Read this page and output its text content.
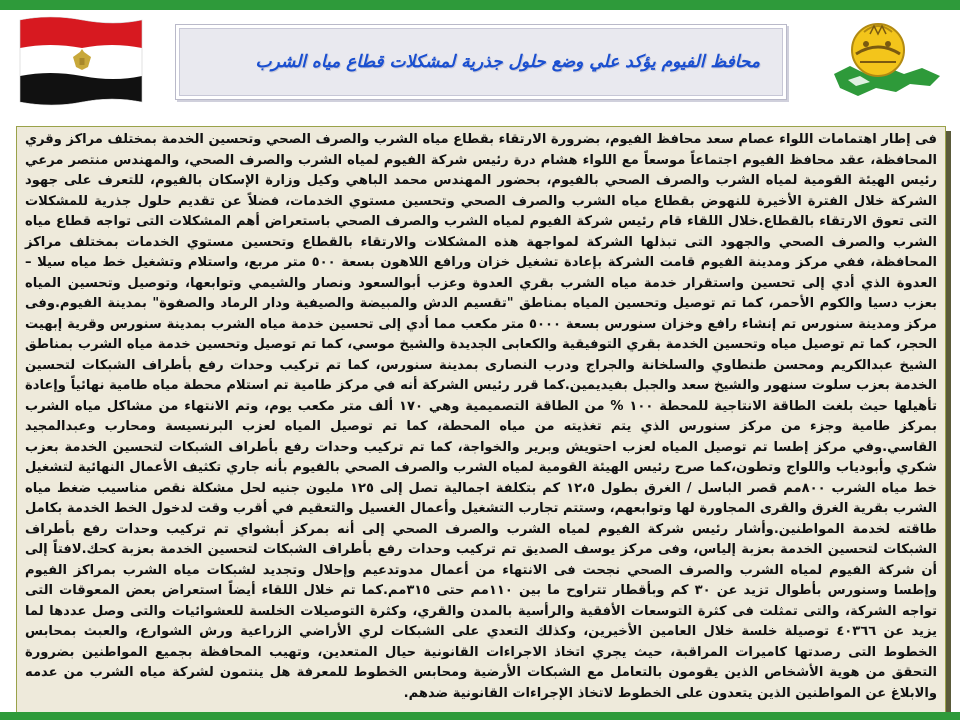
محافظ الفيوم يؤكد علي وضع حلول جذرية لمشكلات قطاع مياه الشرب

فى إطار اهتمامات اللواء عصام سعد محافظ الفيوم، بضرورة الارتقاء بقطاع مياه الشرب والصرف الصحي وتحسين الخدمة بمختلف مراكز وقري المحافظة، عقد محافظ الفيوم اجتماعاً موسعاً مع اللواء هشام درة رئيس شركة الفيوم لمياه الشرب والصرف الصحي، والمهندس منتصر مرعي رئيس الهيئة القومية لمياه الشرب والصرف الصحي بالفيوم، بحضور المهندس محمد الباهي وكيل وزارة الإسكان بالفيوم، للتعرف على جهود الشركة خلال الفترة الأخيرة للنهوض بقطاع مياه الشرب والصرف الصحي وتحسين مستوي الخدمات، فضلاً عن تقديم حلول جذرية للمشكلات التى تعوق الارتقاء بالقطاع.خلال اللقاء قام رئيس شركة الفيوم لمياه الشرب والصرف الصحي باستعراض أهم المشكلات التى تواجه قطاع مياه الشرب والصرف الصحي والجهود التى تبذلها الشركة لمواجهة هذه المشكلات والارتقاء بالقطاع وتحسين مستوي الخدمات بمختلف مراكز المحافظة، ففي مركز ومدينة الفيوم قامت الشركة بإعادة تشغيل خزان ورافع اللاهون بسعة ٥٠٠ متر مربع، واستلام وتشغيل خط مياه سيلا – العدوة الذي أدي إلى تحسين واستقرار خدمة مياه الشرب بقري العدوة وعزب أبوالسعود ونصار والشيمي وتوابعها، وتوصيل وتحسين المياه بعزب دسيا والكوم الأحمر، كما تم توصيل وتحسين المياه بمناطق "تقسيم الدش والمبيضة والصيفية ودار الرماد والصفوة" بمدينة الفيوم.وفى مركز ومدينة سنورس تم إنشاء رافع وخزان سنورس بسعة ٥٠٠٠ متر مكعب مما أدي إلى تحسين خدمة مياه الشرب بمدينة سنورس وقرية إبهيت الحجر، كما تم توصيل مياه وتحسين الخدمة بقري التوفيقية والكعابى الجديدة والشيخ موسي، كما تم توصيل وتحسين خدمة مياه الشرب بمناطق الشيخ عبدالكريم ومحسن طنطاوي والسلخانة والجراج ودرب النصارى بمدينة سنورس، كما تم تركيب وحدات رفع بأطراف الشبكات لتحسين الخدمة بعزب سلوت سنهور والشيخ سعد والجبل بفيديمين.كما قرر رئيس الشركة أنه في مركز طامية تم استلام محطة مياه طامية نهائياً وإعادة تأهيلها حيث بلغت الطاقة الانتاجية للمحطة ١٠٠ % من الطاقة التصميمية وهي ١٧٠ ألف متر مكعب يوم، وتم الانتهاء من مشاكل مياه الشرب بمركز طامية وجزء من مركز سنورس الذي يتم تغذيته من مياه المحطة، كما تم توصيل المياه لعزب البرنسيسة ومحارب وعبدالمجيد القاسي.وفي مركز إطسا تم توصيل المياه لعزب احتويش وبرير والخواجة، كما تم تركيب وحدات رفع بأطراف الشبكات لتحسين الخدمة بعزب شكري وأبودياب واللواج وتطون،كما صرح رئيس الهيئة القومية لمياه الشرب والصرف الصحي بالفيوم بأنه جاري تكثيف الأعمال النهائية لتشغيل خط مياه الشرب ٨٠٠مم قصر الباسل / الغرق بطول ١٢،٥ كم بتكلفة اجمالية تصل إلى ١٢٥ مليون جنيه لحل مشكلة نقص مناسيب ضغط مياه الشرب بقرية الغرق والقرى المجاورة لها وتوابعهم، وستتم تجارب التشغيل وأعمال الغسيل والتعقيم في أقرب وقت لدخول الخط الخدمة بكامل طاقته لخدمة المواطنين.وأشار رئيس شركة الفيوم لمياه الشرب والصرف الصحي إلى أنه بمركز أبشواي تم تركيب وحدات رفع بأطراف الشبكات لتحسين الخدمة بعزبة إلياس، وفى مركز يوسف الصديق تم تركيب وحدات رفع بأطراف الشبكات لتحسين الخدمة بعزبة كحك.لافتاً إلى أن شركة الفيوم لمياه الشرب والصرف الصحي نجحت فى الانتهاء من أعمال مدوتدعيم وإحلال وتجديد لشبكات مياه الشرب بمراكز الفيوم وإطسا وسنورس بأطوال تزيد عن ٣٠ كم وبأقطار تتراوح ما بين ١١٠مم حتى ٣١٥مم.كما تم خلال اللقاء أيضاً استعراض بعض المعوقات التى تواجه الشركة، والتى تمثلت فى كثرة التوسعات الأفقية والرأسية بالمدن والقري، وكثرة التوصيلات الخلسة للعشوائيات والتى وصل عددها لما يزيد عن ٤٠٣٦٦ توصيلة خلسة خلال العامين الأخيرين، وكذلك التعدي على الشبكات لري الأراضي الزراعية ورش الشوارع، والعبث بمحابس الخطوط التى رصدتها كاميرات المراقبة، حيث يجري اتخاذ الاجراءات القانونية حيال المتعدين، وتهيب المحافظة بجميع المواطنين بضرورة التحقق من هوية الأشخاص الذين يقومون بالتعامل مع الشبكات الأرضية ومحابس الخطوط للمعرفة هل ينتمون لشركة مياه الشرب من عدمه والابلاغ عن المواطنين الذين يتعدون على الخطوط لاتخاذ الإجراءات القانونية ضدهم.
